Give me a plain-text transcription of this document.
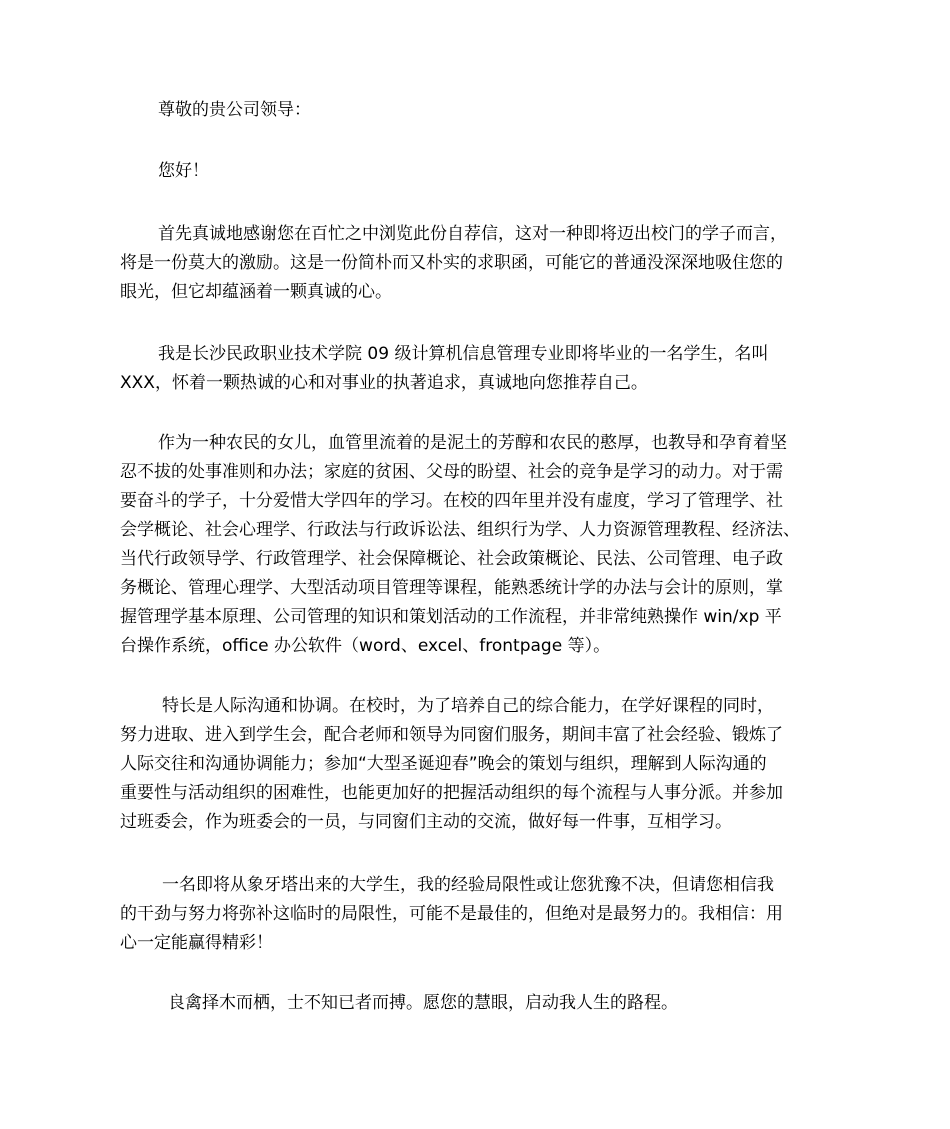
尊敬的贵公司领导：

您好！

首先真诚地感谢您在百忙之中浏览此份自荐信，这对一种即将迈出校门的学子而言，
将是一份莫大的激励。这是一份简朴而又朴实的求职函，可能它的普通没深深地吸住您的
眼光，但它却蕴涵着一颗真诚的心。

我是长沙民政职业技术学院 09 级计算机信息管理专业即将毕业的一名学生，名叫
XXX，怀着一颗热诚的心和对事业的执著追求，真诚地向您推荐自己。

作为一种农民的女儿，血管里流着的是泥土的芳醇和农民的憨厚，也教导和孕育着坚
忍不拔的处事准则和办法；家庭的贫困、父母的盼望、社会的竞争是学习的动力。对于需
要奋斗的学子，十分爱惜大学四年的学习。在校的四年里并没有虚度，学习了管理学、社
会学概论、社会心理学、行政法与行政诉讼法、组织行为学、人力资源管理教程、经济法、
当代行政领导学、行政管理学、社会保障概论、社会政策概论、民法、公司管理、电子政
务概论、管理心理学、大型活动项目管理等课程，能熟悉统计学的办法与会计的原则，掌
握管理学基本原理、公司管理的知识和策划活动的工作流程，并非常纯熟操作 win/xp 平
台操作系统，office 办公软件（word、excel、frontpage 等）。

特长是人际沟通和协调。在校时，为了培养自己的综合能力，在学好课程的同时，
努力进取、进入到学生会，配合老师和领导为同窗们服务，期间丰富了社会经验、锻炼了
人际交往和沟通协调能力；参加“大型圣诞迎春”晚会的策划与组织，理解到人际沟通的
重要性与活动组织的困难性，也能更加好的把握活动组织的每个流程与人事分派。并参加
过班委会，作为班委会的一员，与同窗们主动的交流，做好每一件事，互相学习。

一名即将从象牙塔出来的大学生，我的经验局限性或让您犹豫不决，但请您相信我
的干劲与努力将弥补这临时的局限性，可能不是最佳的，但绝对是最努力的。我相信：用
心一定能赢得精彩！

良禽择木而栖，士不知已者而搏。愿您的慧眼，启动我人生的路程。
